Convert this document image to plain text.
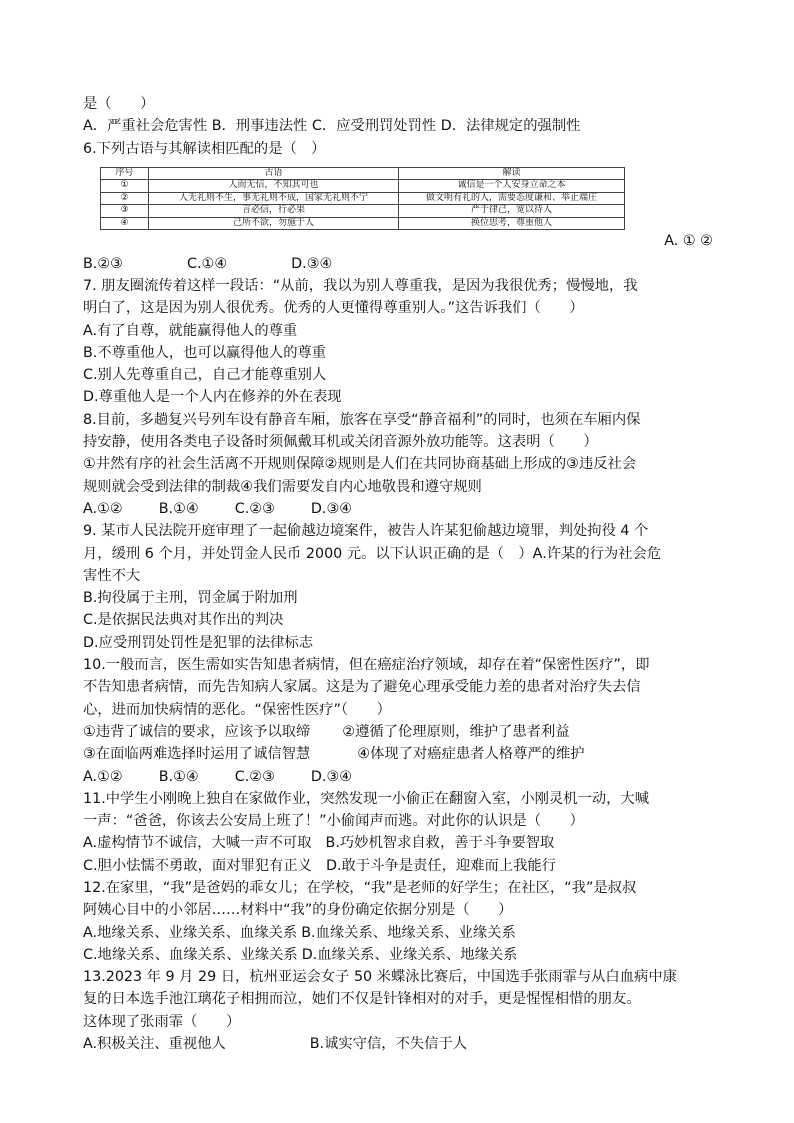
是（　　）
A．严重社会危害性 B．刑事违法性 C．应受刑罚处罚性 D．法律规定的强制性
6.下列古语与其解读相匹配的是（　）
序号	古语	解读
①	人而无信，不知其可也	诚信是一个人安身立命之本
②	人无礼则不生，事无礼则不成，国家无礼则不宁	做文明有礼的人，需要态度谦和、举止端庄
③	言必信，行必果	严于律己，宽以待人
④	己所不欲，勿施于人	换位思考，尊重他人
A. ① ②
B.②③	C.①④	D.③④
7. 朋友圈流传着这样一段话：“从前，我以为别人尊重我，是因为我很优秀；慢慢地，我
明白了，这是因为别人很优秀。优秀的人更懂得尊重别人。”这告诉我们（　　）
A.有了自尊，就能赢得他人的尊重
B.不尊重他人，也可以赢得他人的尊重
C.别人先尊重自己，自己才能尊重别人
D.尊重他人是一个人内在修养的外在表现
8.目前，多趟复兴号列车设有静音车厢，旅客在享受“静音福利”的同时，也须在车厢内保
持安静，使用各类电子设备时须佩戴耳机或关闭音源外放功能等。这表明（　　）
①井然有序的社会生活离不开规则保障②规则是人们在共同协商基础上形成的③违反社会
规则就会受到法律的制裁④我们需要发自内心地敬畏和遵守规则
A.①②	B.①④	C.②③	D.③④
9. 某市人民法院开庭审理了一起偷越边境案件，被告人许某犯偷越边境罪，判处拘役 4 个
月，缓刑 6 个月，并处罚金人民币 2000 元。以下认识正确的是（　）A.许某的行为社会危
害性不大
B.拘役属于主刑，罚金属于附加刑
C.是依据民法典对其作出的判决
D.应受刑罚处罚性是犯罪的法律标志
10.一般而言，医生需如实告知患者病情，但在癌症治疗领域，却存在着“保密性医疗”，即
不告知患者病情，而先告知病人家属。这是为了避免心理承受能力差的患者对治疗失去信
心，进而加快病情的恶化。“保密性医疗”（　　）
①违背了诚信的要求，应该予以取缔 ②遵循了伦理原则，维护了患者利益
③在面临两难选择时运用了诚信智慧	④体现了对癌症患者人格尊严的维护
A.①②	B.①④	C.②③	D.③④
11.中学生小刚晚上独自在家做作业，突然发现一小偷正在翻窗入室，小刚灵机一动，大喊
一声：“爸爸，你该去公安局上班了！”小偷闻声而逃。对此你的认识是（　　）
A.虚构情节不诚信，大喊一声不可取 B.巧妙机智求自救，善于斗争要智取
C.胆小怯懦不勇敢，面对罪犯有正义 D.敢于斗争是责任，迎难而上我能行
12.在家里，“我”是爸妈的乖女儿；在学校，“我”是老师的好学生；在社区，“我”是叔叔
阿姨心目中的小邻居……材料中“我”的身份确定依据分别是（　　）
A.地缘关系、业缘关系、血缘关系 B.血缘关系、地缘关系、业缘关系
C.地缘关系、血缘关系、业缘关系 D.血缘关系、业缘关系、地缘关系
13.2023 年 9 月 29 日，杭州亚运会女子 50 米蝶泳比赛后，中国选手张雨霏与从白血病中康
复的日本选手池江璃花子相拥而泣，她们不仅是针锋相对的对手，更是惺惺相惜的朋友。
这体现了张雨霏（　　）
A.积极关注、重视他人	B.诚实守信，不失信于人
